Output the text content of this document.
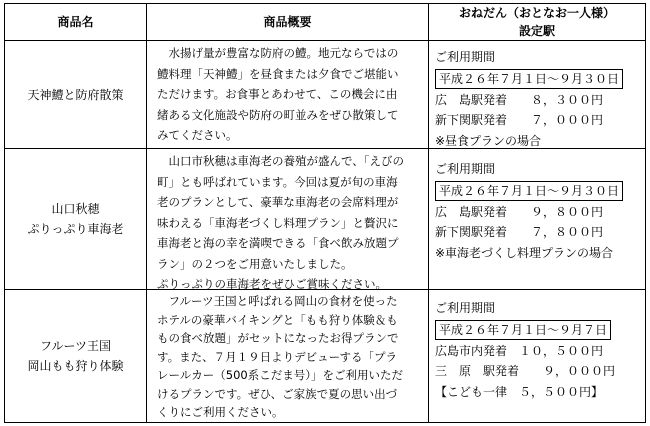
商品名	商品概要
おねだん（おとなお一人様）
設定駅
天神鱧と防府散策
　水揚げ量が豊富な防府の鱧。地元ならではの
鱧料理「天神鱧」を昼食または夕食でご堪能い
ただけます。お食事とあわせて、この機会に由
緒ある文化施設や防府の町並みをぜひ散策して
みてください。
ご利用期間
平成２６年７月１日～９月３０日
広　島駅発着　　８，３００円
新下関駅発着　　７，０００円
※昼食プランの場合
山口秋穂
ぷりっぷり車海老
　山口市秋穂は車海老の養殖が盛んで、「えびの
町」とも呼ばれています。今回は夏が旬の車海
老のプランとして、豪華な車海老の会席料理が
味わえる「車海老づくし料理プラン」と贅沢に
車海老と海の幸を満喫できる「食べ飲み放題プ
ラン」の２つをご用意いたしました。
ぷりっぷりの車海老をぜひご賞味ください。
ご利用期間
平成２６年７月１日～９月３０日
広　島駅発着　　９，８００円
新下関駅発着　　７，８００円
※車海老づくし料理プランの場合
フルーツ王国
岡山もも狩り体験
　フルーツ王国と呼ばれる岡山の食材を使った
ホテルの豪華バイキングと「もも狩り体験＆も
もの食べ放題」がセットになったお得プランで
す。また、７月１９日よりデビューする「プラ
レールカー（500系こだま号）」をご利用いただ
けるプランです。ぜひ、ご家族で夏の思い出づ
くりにご利用ください。
ご利用期間
平成２６年７月１日～９月７日
広島市内発着　１０，５００円
三　原　駅発着　　９，０００円
【こども一律　５，５００円】
